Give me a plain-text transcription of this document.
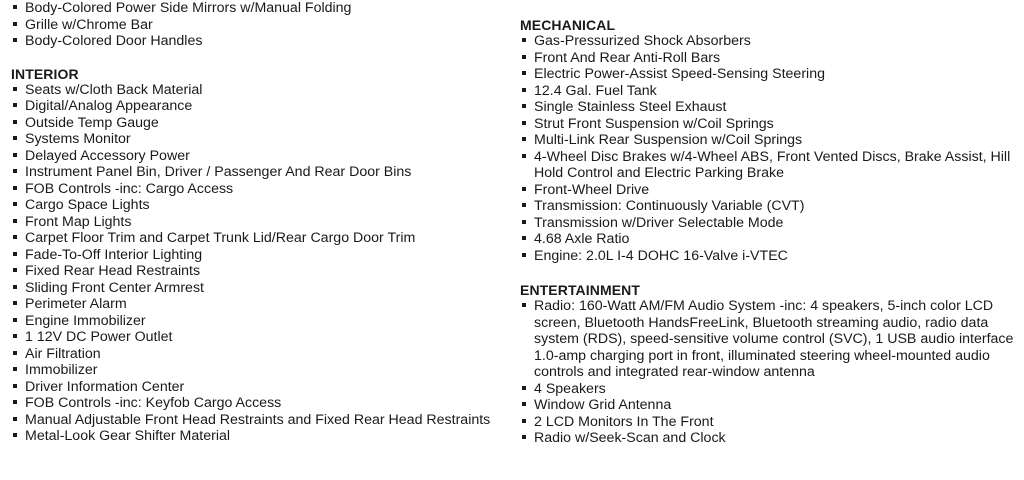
Body-Colored Power Side Mirrors w/Manual Folding
Grille w/Chrome Bar
Body-Colored Door Handles
INTERIOR
Seats w/Cloth Back Material
Digital/Analog Appearance
Outside Temp Gauge
Systems Monitor
Delayed Accessory Power
Instrument Panel Bin, Driver / Passenger And Rear Door Bins
FOB Controls -inc: Cargo Access
Cargo Space Lights
Front Map Lights
Carpet Floor Trim and Carpet Trunk Lid/Rear Cargo Door Trim
Fade-To-Off Interior Lighting
Fixed Rear Head Restraints
Sliding Front Center Armrest
Perimeter Alarm
Engine Immobilizer
1 12V DC Power Outlet
Air Filtration
Immobilizer
Driver Information Center
FOB Controls -inc: Keyfob Cargo Access
Manual Adjustable Front Head Restraints and Fixed Rear Head Restraints
Metal-Look Gear Shifter Material
MECHANICAL
Gas-Pressurized Shock Absorbers
Front And Rear Anti-Roll Bars
Electric Power-Assist Speed-Sensing Steering
12.4 Gal. Fuel Tank
Single Stainless Steel Exhaust
Strut Front Suspension w/Coil Springs
Multi-Link Rear Suspension w/Coil Springs
4-Wheel Disc Brakes w/4-Wheel ABS, Front Vented Discs, Brake Assist, Hill Hold Control and Electric Parking Brake
Front-Wheel Drive
Transmission: Continuously Variable (CVT)
Transmission w/Driver Selectable Mode
4.68 Axle Ratio
Engine: 2.0L I-4 DOHC 16-Valve i-VTEC
ENTERTAINMENT
Radio: 160-Watt AM/FM Audio System -inc: 4 speakers, 5-inch color LCD screen, Bluetooth HandsFreeLink, Bluetooth streaming audio, radio data system (RDS), speed-sensitive volume control (SVC), 1 USB audio interface 1.0-amp charging port in front, illuminated steering wheel-mounted audio controls and integrated rear-window antenna
4 Speakers
Window Grid Antenna
2 LCD Monitors In The Front
Radio w/Seek-Scan and Clock
